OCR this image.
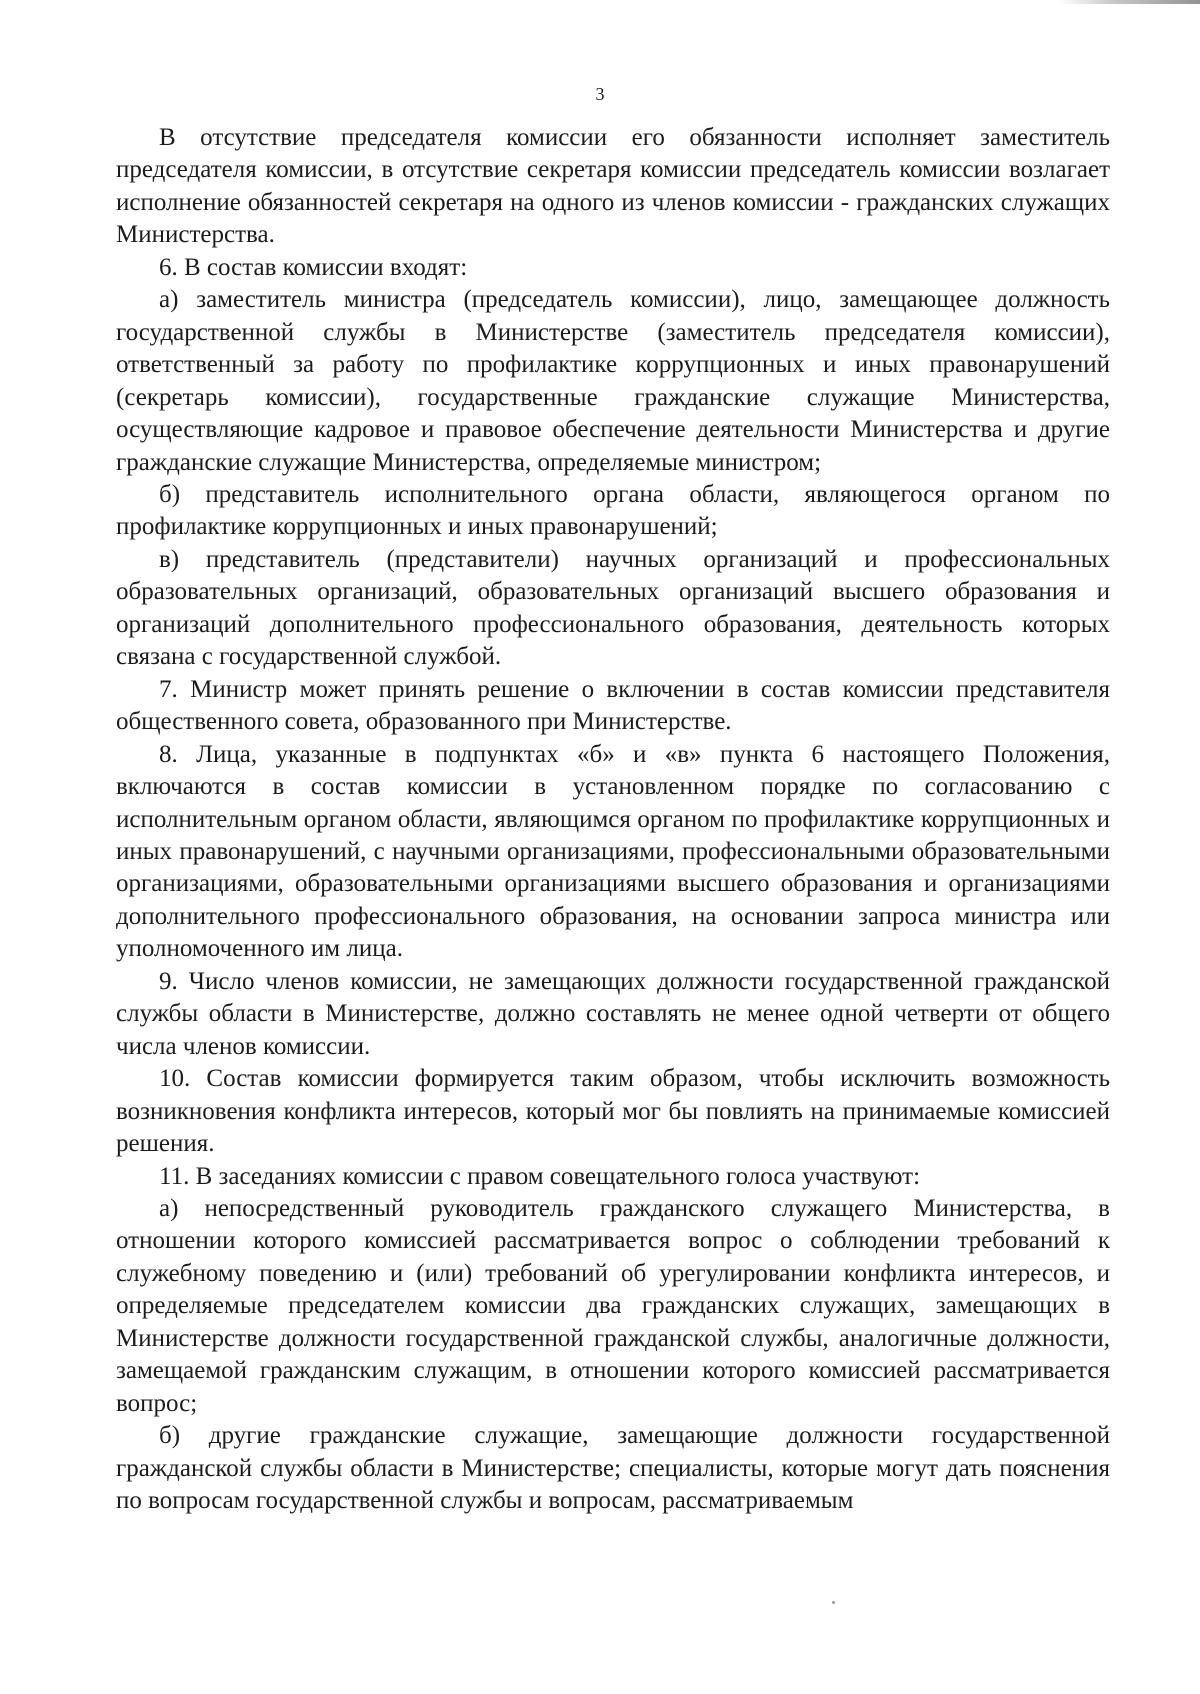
3

В отсутствие председателя комиссии его обязанности исполняет заместитель председателя комиссии, в отсутствие секретаря комиссии председатель комиссии возлагает исполнение обязанностей секретаря на одного из членов комиссии - гражданских служащих Министерства.

6. В состав комиссии входят:

а) заместитель министра (председатель комиссии), лицо, замещающее должность государственной службы в Министерстве (заместитель председателя комиссии), ответственный за работу по профилактике коррупционных и иных правонарушений (секретарь комиссии), государственные гражданские служащие Министерства, осуществляющие кадровое и правовое обеспечение деятельности Министерства и другие гражданские служащие Министерства, определяемые министром;

б) представитель исполнительного органа области, являющегося органом по профилактике коррупционных и иных правонарушений;

в) представитель (представители) научных организаций и профессиональных образовательных организаций, образовательных организаций высшего образования и организаций дополнительного профессионального образования, деятельность которых связана с государственной службой.

7. Министр может принять решение о включении в состав комиссии представителя общественного совета, образованного при Министерстве.

8. Лица, указанные в подпунктах «б» и «в» пункта 6 настоящего Положения, включаются в состав комиссии в установленном порядке по согласованию с исполнительным органом области, являющимся органом по профилактике коррупционных и иных правонарушений, с научными организациями, профессиональными образовательными организациями, образовательными организациями высшего образования и организациями дополнительного профессионального образования, на основании запроса министра или уполномоченного им лица.

9. Число членов комиссии, не замещающих должности государственной гражданской службы области в Министерстве, должно составлять не менее одной четверти от общего числа членов комиссии.

10. Состав комиссии формируется таким образом, чтобы исключить возможность возникновения конфликта интересов, который мог бы повлиять на принимаемые комиссией решения.

11. В заседаниях комиссии с правом совещательного голоса участвуют:

а) непосредственный руководитель гражданского служащего Министерства, в отношении которого комиссией рассматривается вопрос о соблюдении требований к служебному поведению и (или) требований об урегулировании конфликта интересов, и определяемые председателем комиссии два гражданских служащих, замещающих в Министерстве должности государственной гражданской службы, аналогичные должности, замещаемой гражданским служащим, в отношении которого комиссией рассматривается вопрос;

б) другие гражданские служащие, замещающие должности государственной гражданской службы области в Министерстве; специалисты, которые могут дать пояснения по вопросам государственной службы и вопросам, рассматриваемым
